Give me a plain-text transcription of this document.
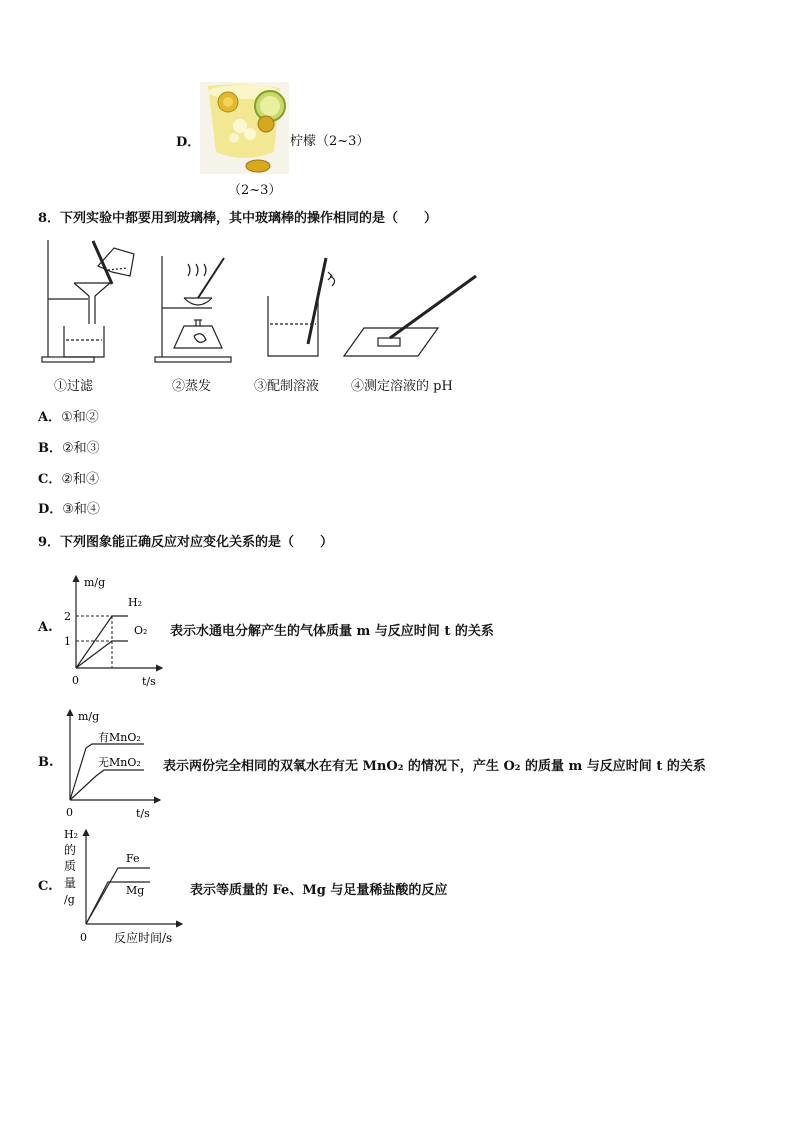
D．	柠檬（2~3）
（2~3）
8．下列实验中都要用到玻璃棒，其中玻璃棒的操作相同的是（　　）
①过滤	②蒸发	③配制溶液 ④测定溶液的 pH
A．①和②
B．②和③
C．②和④
D．③和④
9．下列图象能正确反应对应变化关系的是（　　）
A.
m/g
2
1
0	t/s
H₂
O₂ 表示水通电分解产生的气体质量 m 与反应时间 t 的关系
B.
m/g
0	t/s
有MnO₂
无MnO₂ 表示两份完全相同的双氧水在有无 MnO₂ 的情况下，产生 O₂ 的质量 m 与反应时间 t 的关系
C.
H₂
的
质
量
/g
0 反应时间/s
Fe
Mg	表示等质量的 Fe、Mg 与足量稀盐酸的反应
